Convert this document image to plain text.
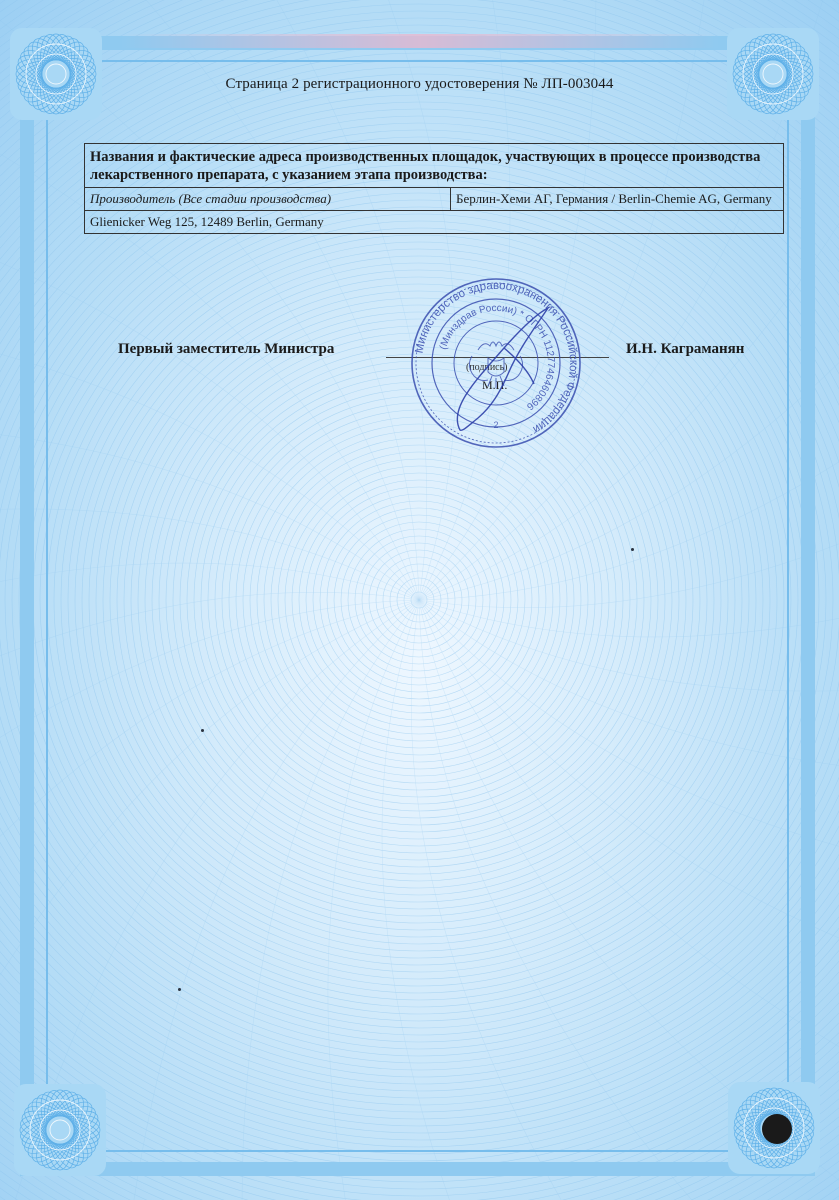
Страница 2 регистрационного удостоверения № ЛП-003044
Названия и фактические адреса производственных площадок, участвующих в процессе производства лекарственного препарата, с указанием этапа производства:
Производитель (Все стадии производства)	Берлин-Хеми АГ, Германия / Berlin-Chemie AG, Germany
Glienicker Weg 125, 12489 Berlin, Germany
Первый заместитель Министра	И.Н. Каграманян
(подпись)
М.П.
Министерство здравоохранения Российской Федерации
(Минздрав России) * ОГРН 1127746460896
2
